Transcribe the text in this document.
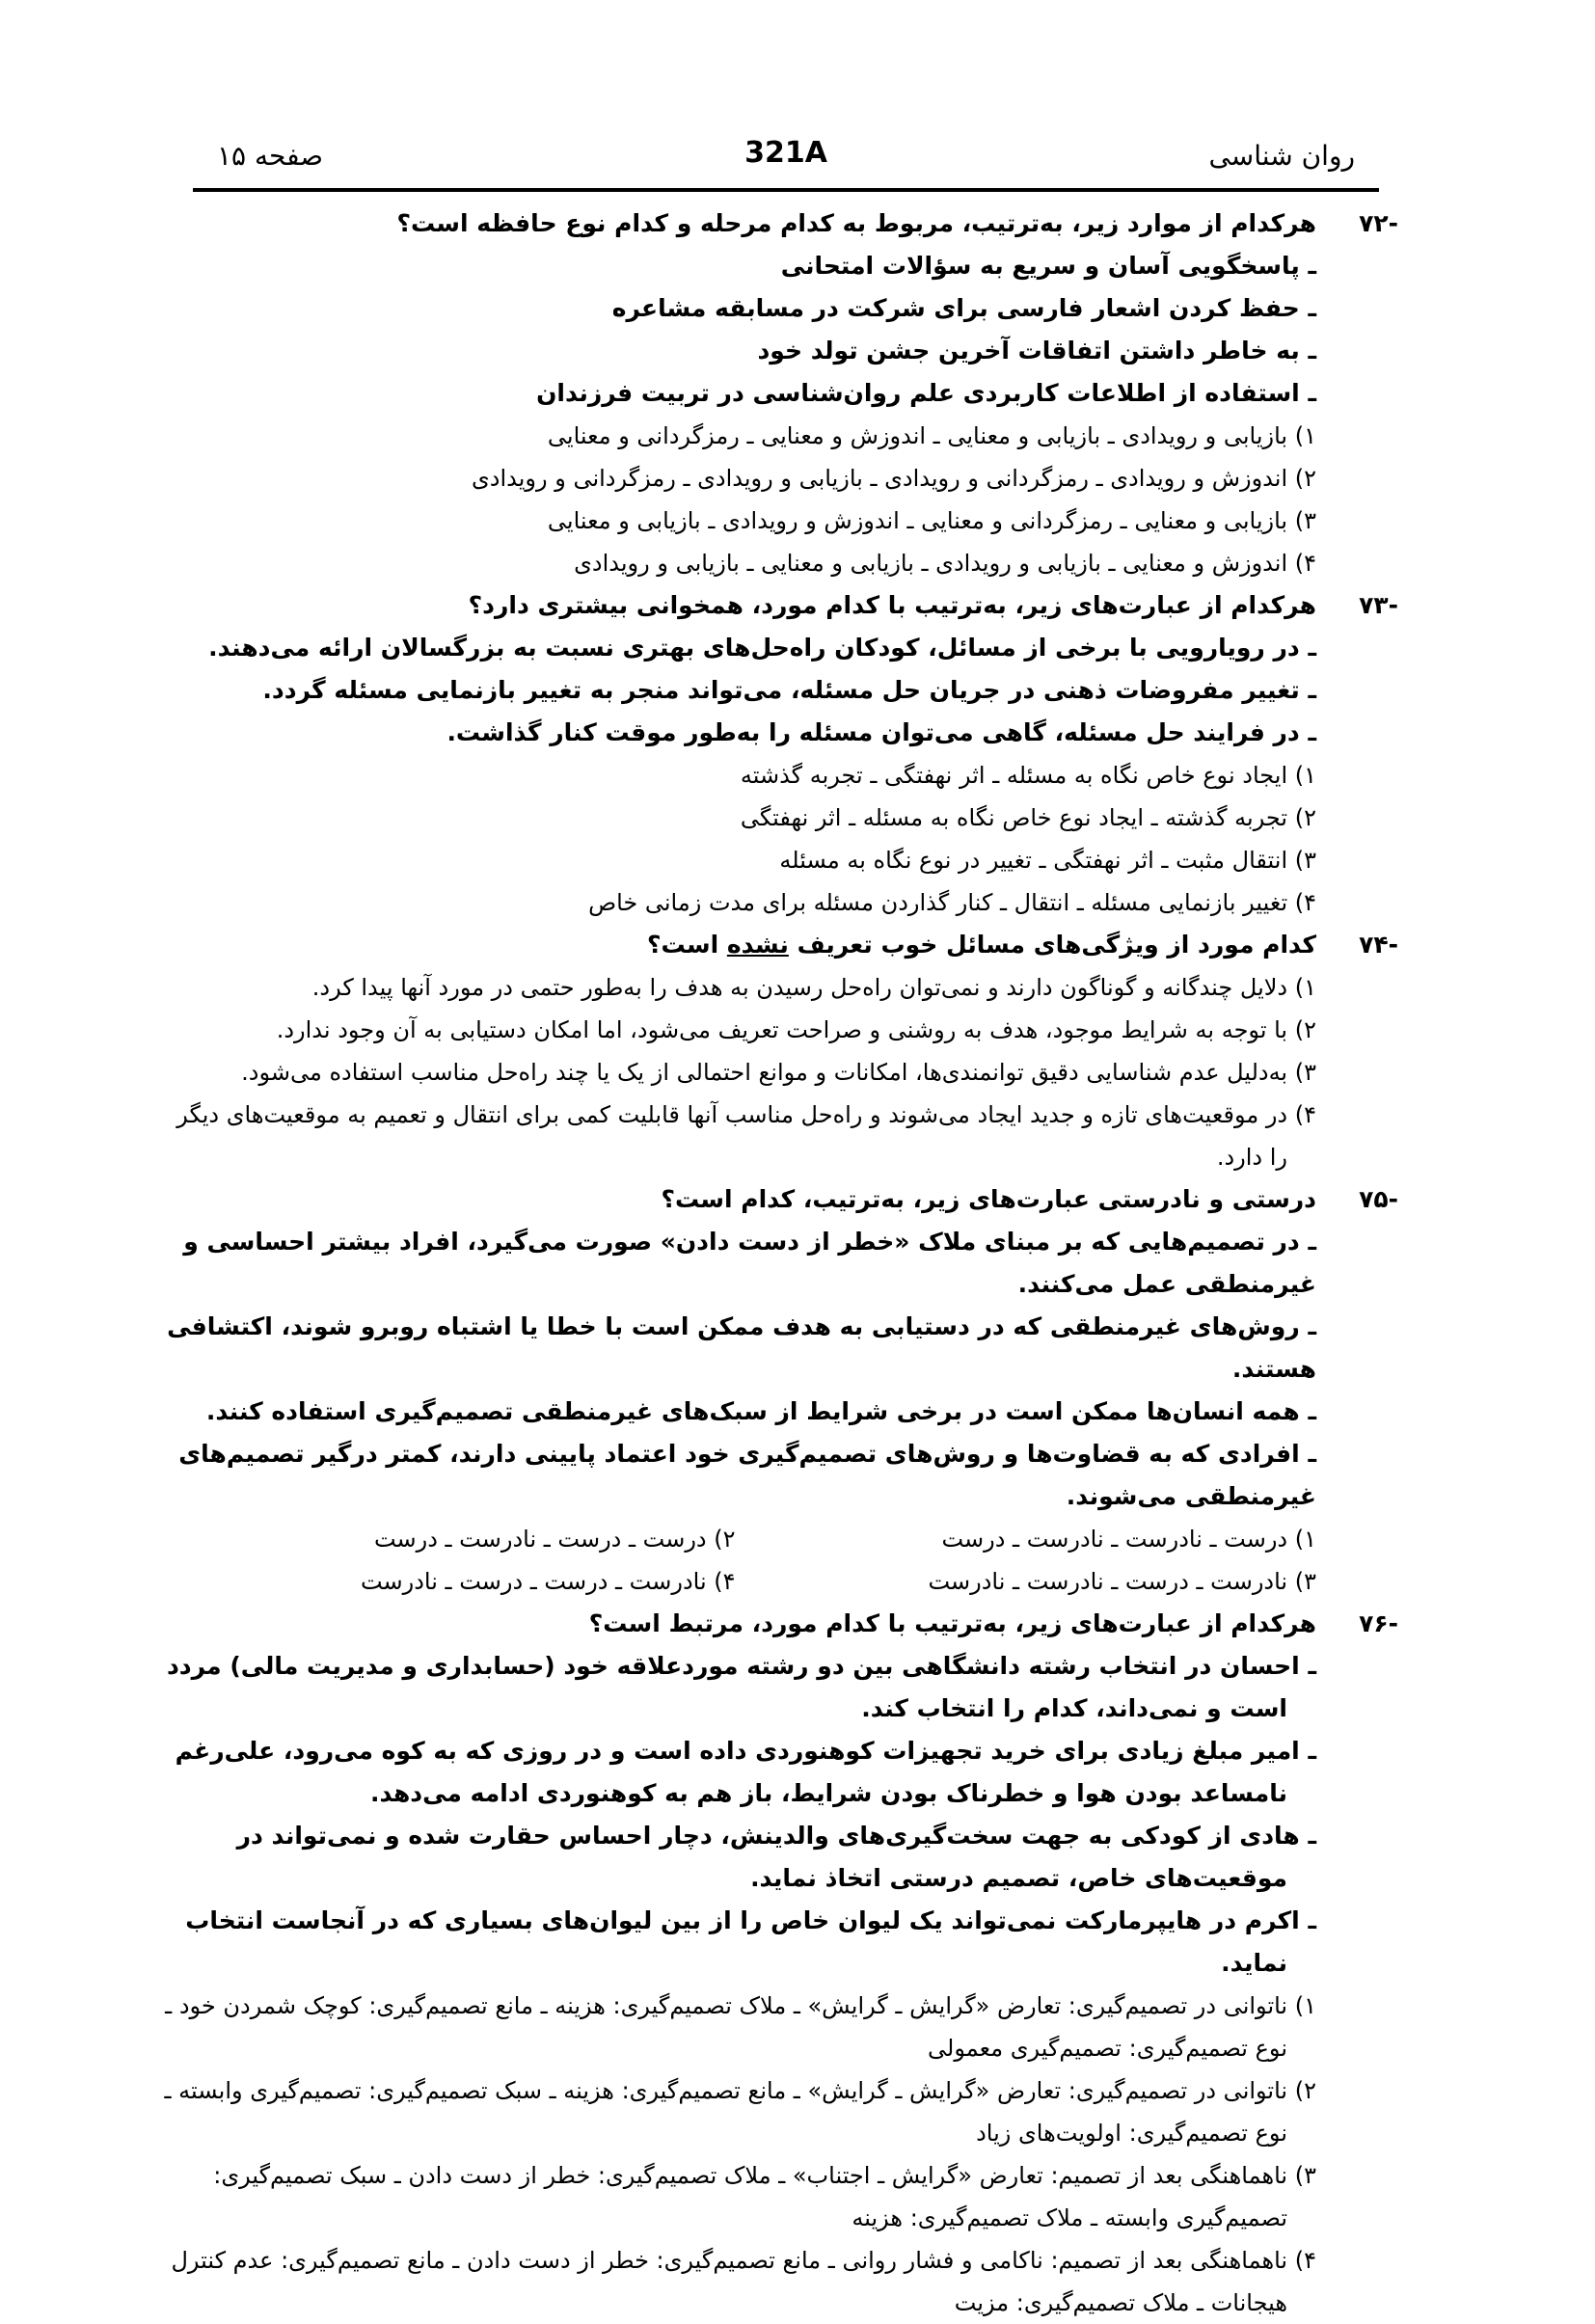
روان شناسی
321A
صفحه ۱۵
-۷۲
هرکدام از موارد زیر، به‌ترتیب، مربوط به کدام مرحله و کدام نوع حافظه است؟
ـ پاسخگویی آسان و سریع به سؤالات امتحانی
ـ حفظ کردن اشعار فارسی برای شرکت در مسابقه مشاعره
ـ به خاطر داشتن اتفاقات آخرین جشن تولد خود
ـ استفاده از اطلاعات کاربردی علم روان‌شناسی در تربیت فرزندان
۱) بازیابی و رویدادی ـ بازیابی و معنایی ـ اندوزش و معنایی ـ رمزگردانی و معنایی
۲) اندوزش و رویدادی ـ رمزگردانی و رویدادی ـ بازیابی و رویدادی ـ رمزگردانی و رویدادی
۳) بازیابی و معنایی ـ رمزگردانی و معنایی ـ اندوزش و رویدادی ـ بازیابی و معنایی
۴) اندوزش و معنایی ـ بازیابی و رویدادی ـ بازیابی و معنایی ـ بازیابی و رویدادی
-۷۳
هرکدام از عبارت‌های زیر، به‌ترتیب با کدام مورد، همخوانی بیشتری دارد؟
ـ در رویارویی با برخی از مسائل، کودکان راه‌حل‌های بهتری نسبت به بزرگسالان ارائه می‌دهند.
ـ تغییر مفروضات ذهنی در جریان حل مسئله، می‌تواند منجر به تغییر بازنمایی مسئله گردد.
ـ در فرایند حل مسئله، گاهی می‌توان مسئله را به‌طور موقت کنار گذاشت.
۱) ایجاد نوع خاص نگاه به مسئله ـ اثر نهفتگی ـ تجربه گذشته
۲) تجربه گذشته ـ ایجاد نوع خاص نگاه به مسئله ـ اثر نهفتگی
۳) انتقال مثبت ـ اثر نهفتگی ـ تغییر در نوع نگاه به مسئله
۴) تغییر بازنمایی مسئله ـ انتقال ـ کنار گذاردن مسئله برای مدت زمانی خاص
-۷۴
کدام مورد از ویژگی‌های مسائل خوب تعریف نشده است؟
۱) دلایل چندگانه و گوناگون دارند و نمی‌توان راه‌حل رسیدن به هدف را به‌طور حتمی در مورد آنها پیدا کرد.
۲) با توجه به شرایط موجود، هدف به روشنی و صراحت تعریف می‌شود، اما امکان دستیابی به آن وجود ندارد.
۳) به‌دلیل عدم شناسایی دقیق توانمندی‌ها، امکانات و موانع احتمالی از یک یا چند راه‌حل مناسب استفاده می‌شود.
۴) در موقعیت‌های تازه و جدید ایجاد می‌شوند و راه‌حل مناسب آنها قابلیت کمی برای انتقال و تعمیم به موقعیت‌های دیگر را دارد.
-۷۵
درستی و نادرستی عبارت‌های زیر، به‌ترتیب، کدام است؟
ـ در تصمیم‌هایی که بر مبنای ملاک «خطر از دست دادن» صورت می‌گیرد، افراد بیشتر احساسی و غیرمنطقی عمل می‌کنند.
ـ روش‌های غیرمنطقی که در دستیابی به هدف ممکن است با خطا یا اشتباه روبرو شوند، اکتشافی هستند.
ـ همه انسان‌ها ممکن است در برخی شرایط از سبک‌های غیرمنطقی تصمیم‌گیری استفاده کنند.
ـ افرادی که به قضاوت‌ها و روش‌های تصمیم‌گیری خود اعتماد پایینی دارند، کمتر درگیر تصمیم‌های غیرمنطقی می‌شوند.
۱) درست ـ نادرست ـ نادرست ـ درست
۲) درست ـ درست ـ نادرست ـ درست
۳) نادرست ـ درست ـ نادرست ـ نادرست
۴) نادرست ـ درست ـ درست ـ نادرست
-۷۶
هرکدام از عبارت‌های زیر، به‌ترتیب با کدام مورد، مرتبط است؟
ـ احسان در انتخاب رشته دانشگاهی بین دو رشته موردعلاقه خود (حسابداری و مدیریت مالی) مردد است و نمی‌داند، کدام را انتخاب کند.
ـ امیر مبلغ زیادی برای خرید تجهیزات کوهنوردی داده است و در روزی که به کوه می‌رود، علی‌رغم نامساعد بودن هوا و خطرناک بودن شرایط، باز هم به کوهنوردی ادامه می‌دهد.
ـ هادی از کودکی به جهت سخت‌گیری‌های والدینش، دچار احساس حقارت شده و نمی‌تواند در موقعیت‌های خاص، تصمیم درستی اتخاذ نماید.
ـ اکرم در هایپرمارکت نمی‌تواند یک لیوان خاص را از بین لیوان‌های بسیاری که در آنجاست انتخاب نماید.
۱) ناتوانی در تصمیم‌گیری: تعارض «گرایش ـ گرایش» ـ ملاک تصمیم‌گیری: هزینه ـ مانع تصمیم‌گیری: کوچک شمردن خود ـ نوع تصمیم‌گیری: تصمیم‌گیری معمولی
۲) ناتوانی در تصمیم‌گیری: تعارض «گرایش ـ گرایش» ـ مانع تصمیم‌گیری: هزینه ـ سبک تصمیم‌گیری: تصمیم‌گیری وابسته ـ نوع تصمیم‌گیری: اولویت‌های زیاد
۳) ناهماهنگی بعد از تصمیم: تعارض «گرایش ـ اجتناب» ـ ملاک تصمیم‌گیری: خطر از دست دادن ـ سبک تصمیم‌گیری: تصمیم‌گیری وابسته ـ ملاک تصمیم‌گیری: هزینه
۴) ناهماهنگی بعد از تصمیم: ناکامی و فشار روانی ـ مانع تصمیم‌گیری: خطر از دست دادن ـ مانع تصمیم‌گیری: عدم کنترل هیجانات ـ ملاک تصمیم‌گیری: مزیت
